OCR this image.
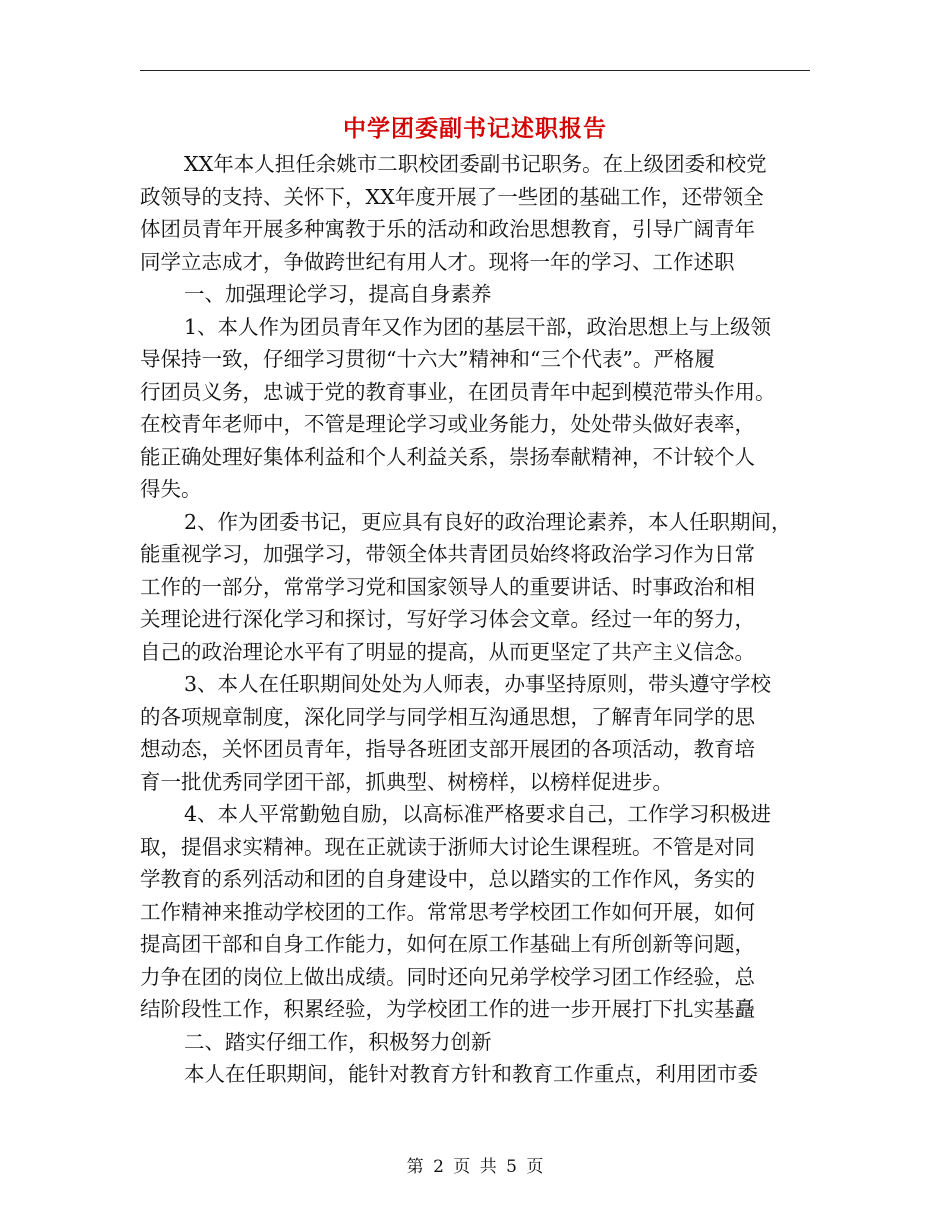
中学团委副书记述职报告
XX年本人担任余姚市二职校团委副书记职务。在上级团委和校党
政领导的支持、关怀下，XX年度开展了一些团的基础工作，还带领全
体团员青年开展多种寓教于乐的活动和政治思想教育，引导广阔青年
同学立志成才，争做跨世纪有用人才。现将一年的学习、工作述职
一、加强理论学习，提高自身素养
1、本人作为团员青年又作为团的基层干部，政治思想上与上级领
导保持一致，仔细学习贯彻“十六大”精神和“三个代表”。严格履
行团员义务，忠诚于党的教育事业，在团员青年中起到模范带头作用。
在校青年老师中，不管是理论学习或业务能力，处处带头做好表率，
能正确处理好集体利益和个人利益关系，崇扬奉献精神，不计较个人
得失。
2、作为团委书记，更应具有良好的政治理论素养，本人任职期间，
能重视学习，加强学习，带领全体共青团员始终将政治学习作为日常
工作的一部分，常常学习党和国家领导人的重要讲话、时事政治和相
关理论进行深化学习和探讨，写好学习体会文章。经过一年的努力，
自己的政治理论水平有了明显的提高，从而更坚定了共产主义信念。
3、本人在任职期间处处为人师表，办事坚持原则，带头遵守学校
的各项规章制度，深化同学与同学相互沟通思想，了解青年同学的思
想动态，关怀团员青年，指导各班团支部开展团的各项活动，教育培
育一批优秀同学团干部，抓典型、树榜样，以榜样促进步。
4、本人平常勤勉自励，以高标准严格要求自己，工作学习积极进
取，提倡求实精神。现在正就读于浙师大讨论生课程班。不管是对同
学教育的系列活动和团的自身建设中，总以踏实的工作作风，务实的
工作精神来推动学校团的工作。常常思考学校团工作如何开展，如何
提高团干部和自身工作能力，如何在原工作基础上有所创新等问题，
力争在团的岗位上做出成绩。同时还向兄弟学校学习团工作经验，总
结阶段性工作，积累经验，为学校团工作的进一步开展打下扎实基矗
二、踏实仔细工作，积极努力创新
本人在任职期间，能针对教育方针和教育工作重点，利用团市委
第 2 页 共 5 页
